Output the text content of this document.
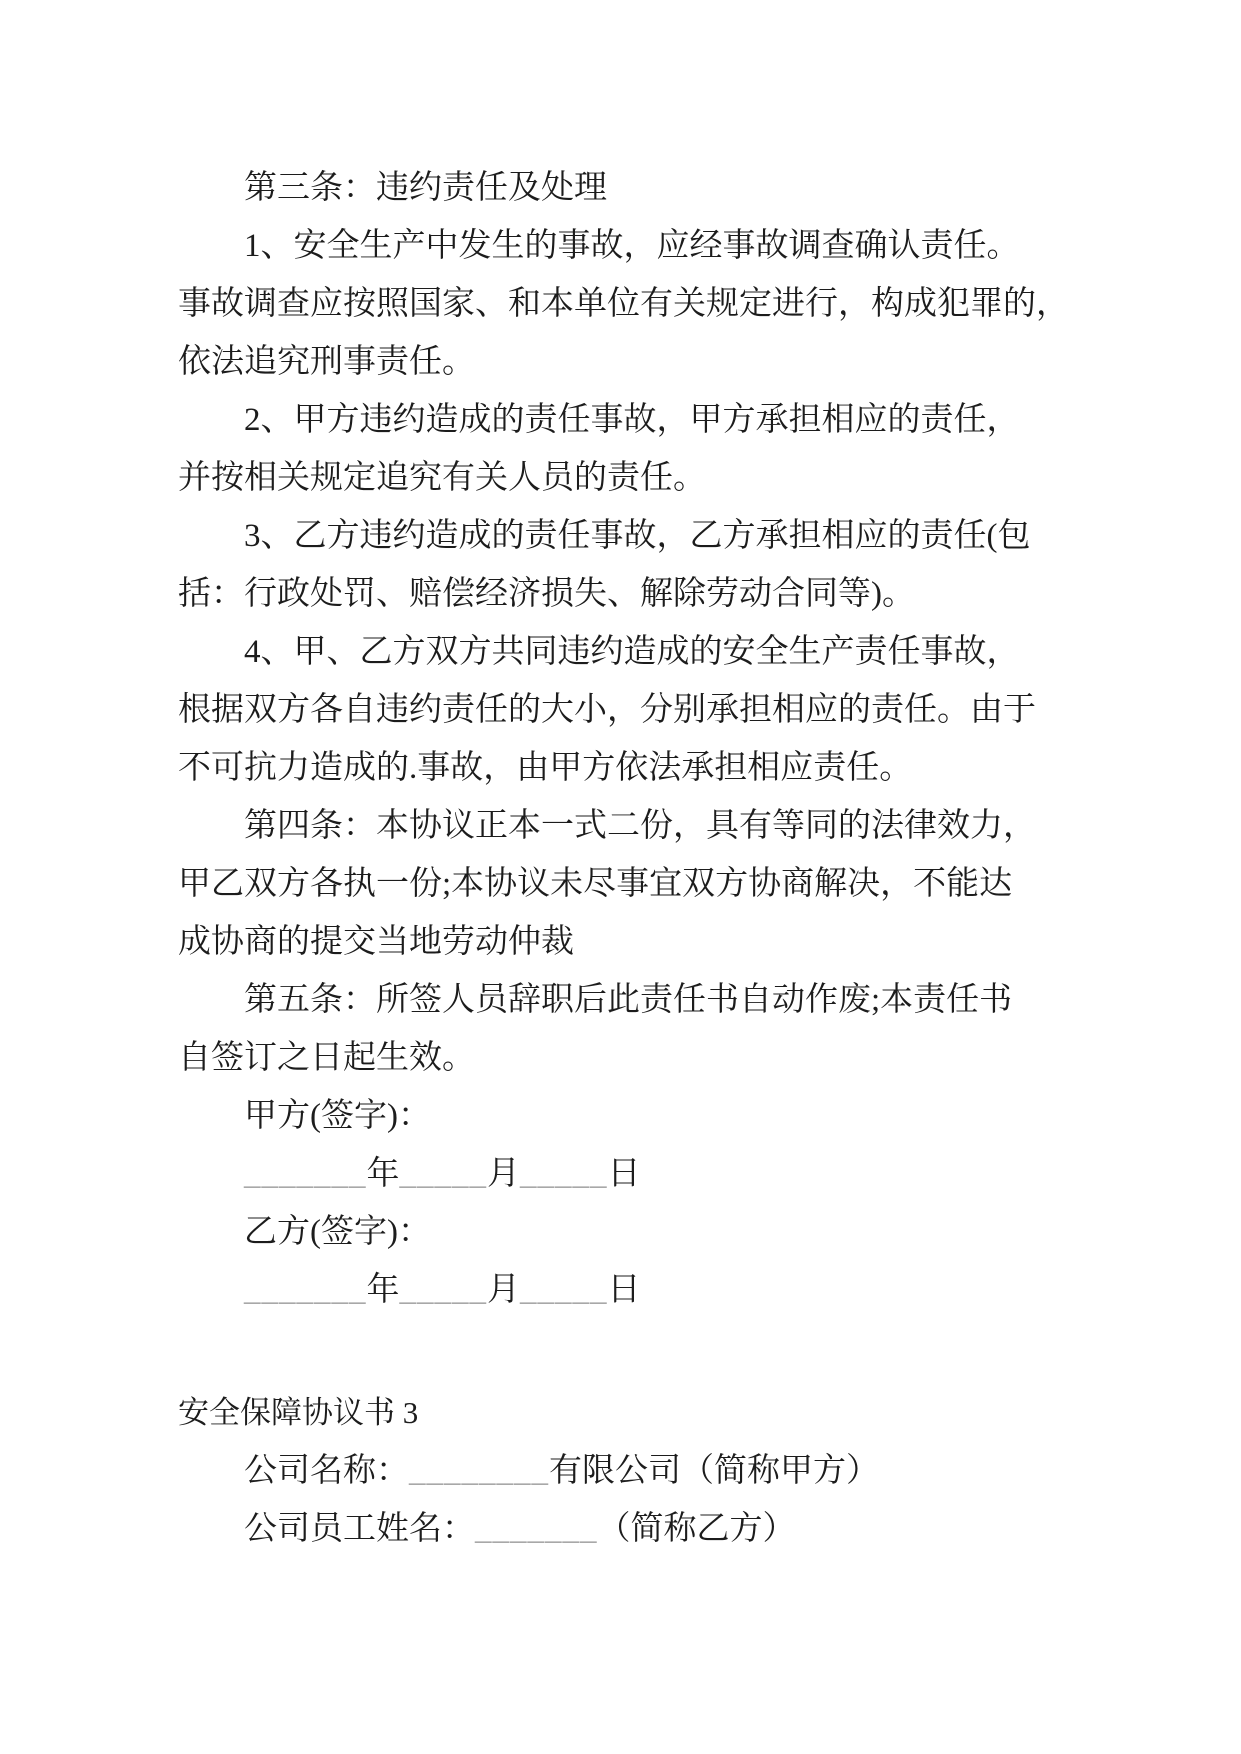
第三条：违约责任及处理
1、安全生产中发生的事故，应经事故调查确认责任。
事故调查应按照国家、和本单位有关规定进行，构成犯罪的，
依法追究刑事责任。
2、甲方违约造成的责任事故，甲方承担相应的责任，
并按相关规定追究有关人员的责任。
3、乙方违约造成的责任事故，乙方承担相应的责任(包
括：行政处罚、赔偿经济损失、解除劳动合同等)。
4、甲、乙方双方共同违约造成的安全生产责任事故，
根据双方各自违约责任的大小，分别承担相应的责任。由于
不可抗力造成的.事故，由甲方依法承担相应责任。
第四条：本协议正本一式二份，具有等同的法律效力，
甲乙双方各执一份;本协议未尽事宜双方协商解决，不能达
成协商的提交当地劳动仲裁
第五条：所签人员辞职后此责任书自动作废;本责任书
自签订之日起生效。
甲方(签字)：
_______年_____月_____日
乙方(签字)：
_______年_____月_____日
安全保障协议书 3
公司名称：________有限公司（简称甲方）
公司员工姓名：_______（简称乙方）
